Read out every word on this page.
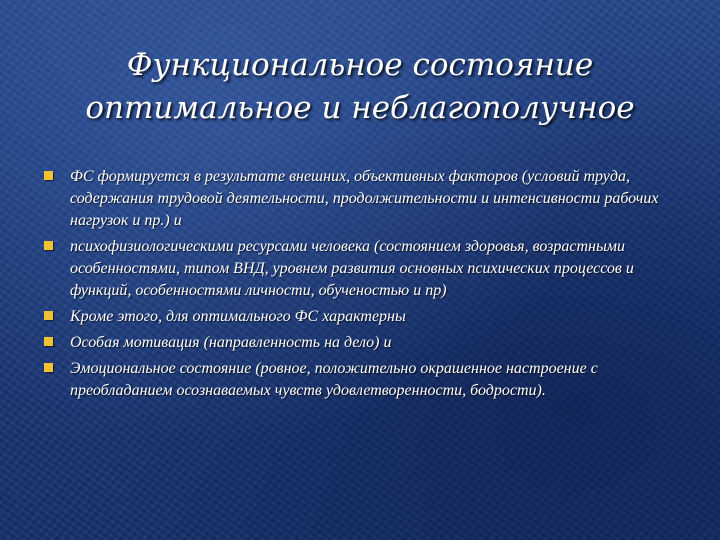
Функциональное состояние
оптимальное и неблагополучное
ФС формируется в результате внешних, объективных факторов (условий труда, содержания трудовой деятельности, продолжительности и интенсивности рабочих нагрузок и пр.) и
психофизиологическими ресурсами человека (состоянием здоровья, возрастными особенностями, типом ВНД, уровнем развития основных психических процессов и функций, особенностями личности, обученостью и пр)
Кроме этого, для оптимального ФС характерны
Особая мотивация (направленность на дело) и
Эмоциональное состояние (ровное, положительно окрашенное настроение с преобладанием осознаваемых чувств удовлетворенности, бодрости).
